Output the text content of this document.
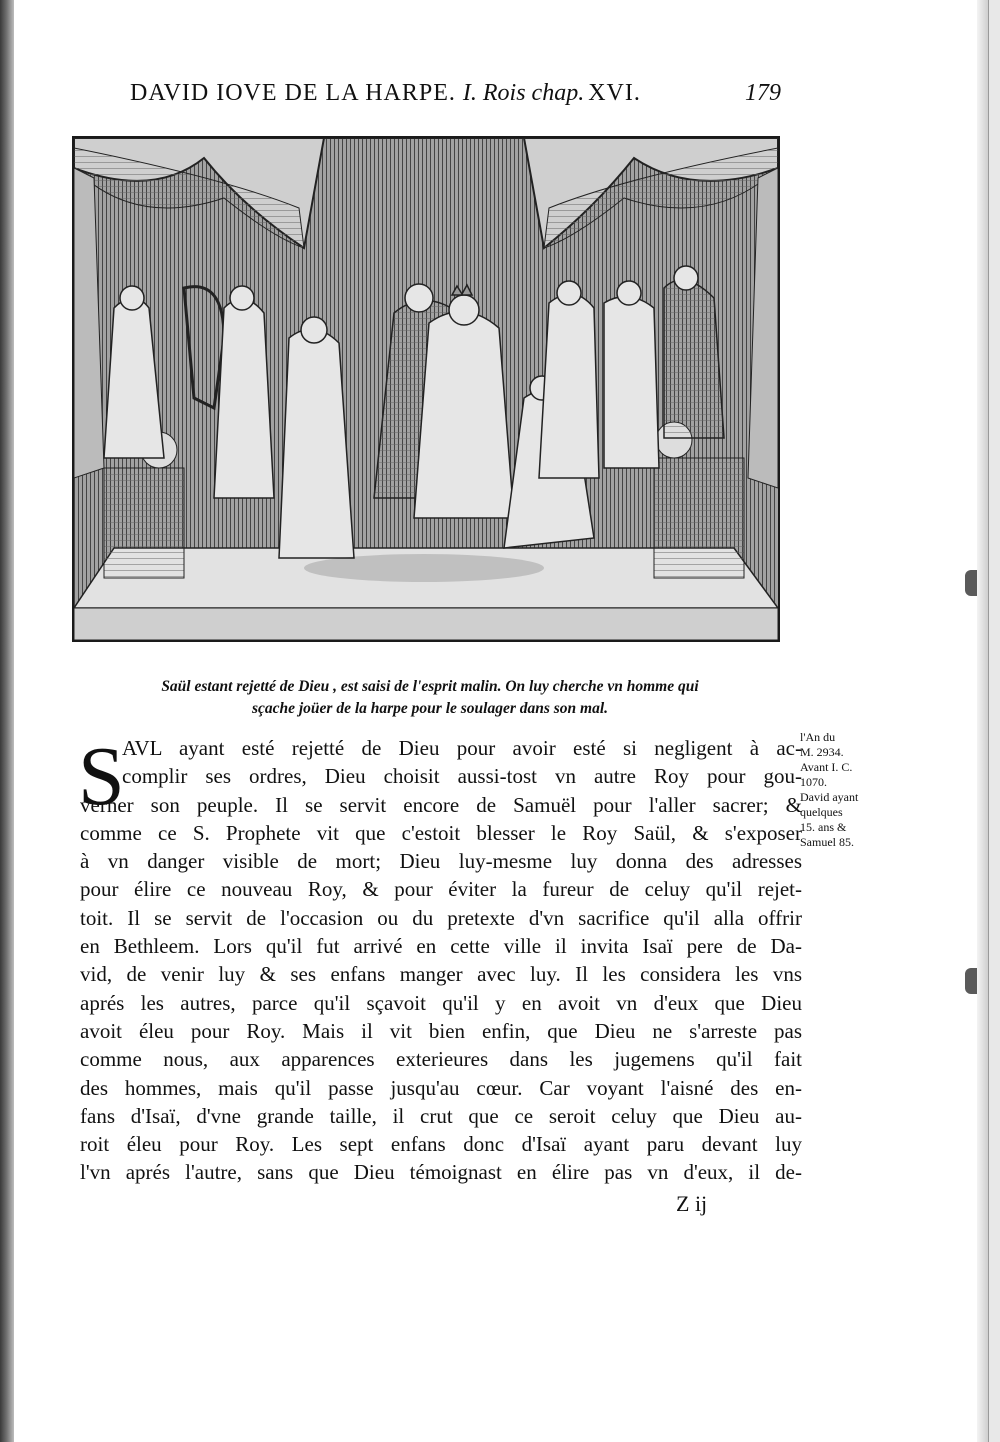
DAVID IOVE DE LA HARPE. I. Rois chap. XVI.	179
Saül estant rejetté de Dieu , est saisi de l'esprit malin. On luy cherche vn homme qui
sçache joüer de la harpe pour le soulager dans son mal.
S
AVL ayant esté rejetté de Dieu pour avoir esté si negligent à ac-
complir ses ordres, Dieu choisit aussi-tost vn autre Roy pour gou-
verner son peuple. Il se servit encore de Samuël pour l'aller sacrer; &
comme ce S. Prophete vit que c'estoit blesser le Roy Saül, & s'exposer
à vn danger visible de mort; Dieu luy-mesme luy donna des adresses
pour élire ce nouveau Roy, & pour éviter la fureur de celuy qu'il rejet-
toit. Il se servit de l'occasion ou du pretexte d'vn sacrifice qu'il alla offrir
en Bethleem. Lors qu'il fut arrivé en cette ville il invita Isaï pere de Da-
vid, de venir luy & ses enfans manger avec luy. Il les considera les vns
aprés les autres, parce qu'il sçavoit qu'il y en avoit vn d'eux que Dieu
avoit éleu pour Roy. Mais il vit bien enfin, que Dieu ne s'arreste pas
comme nous, aux apparences exterieures dans les jugemens qu'il fait
des hommes, mais qu'il passe jusqu'au cœur. Car voyant l'aisné des en-
fans d'Isaï, d'vne grande taille, il crut que ce seroit celuy que Dieu au-
roit éleu pour Roy. Les sept enfans donc d'Isaï ayant paru devant luy
l'vn aprés l'autre, sans que Dieu témoignast en élire pas vn d'eux, il de-
Z ij
l'An du
M. 2934.
Avant I. C.
1070.
David ayant
quelques
15. ans &
Samuel 85.
